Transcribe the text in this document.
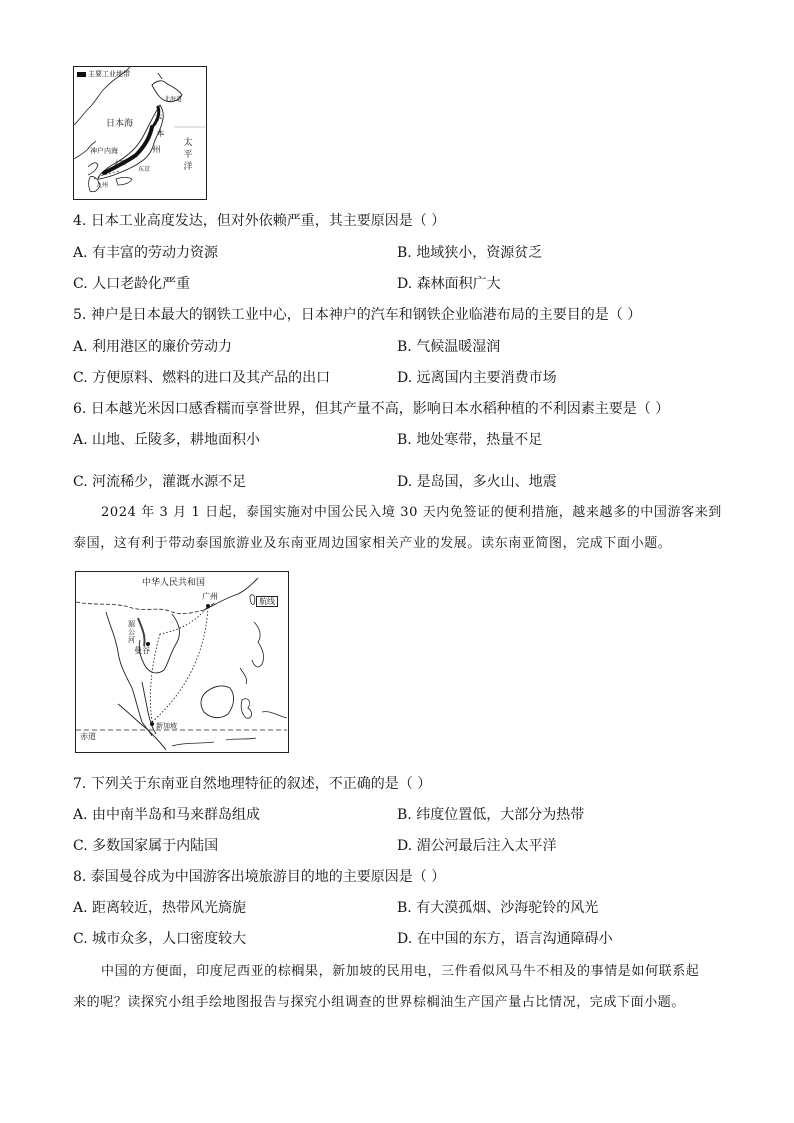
主要工业地带
北海道
日本海
神户内海
大阪
九州
本
州
本
东京
太平洋
4. 日本工业高度发达，但对外依赖严重，其主要原因是（ ）
A. 有丰富的劳动力资源	B. 地域狭小，资源贫乏
C. 人口老龄化严重	D. 森林面积广大
5. 神户是日本最大的钢铁工业中心，日本神户的汽车和钢铁企业临港布局的主要目的是（ ）
A. 利用港区的廉价劳动力	B. 气候温暖湿润
C. 方便原料、燃料的进口及其产品的出口	D. 远离国内主要消费市场
6. 日本越光米因口感香糯而享誉世界，但其产量不高，影响日本水稻种植的不利因素主要是（ ）
A. 山地、丘陵多，耕地面积小	B. 地处寒带，热量不足
C. 河流稀少，灌溉水源不足	D. 是岛国，多火山、地震
2024 年 3 月 1 日起，泰国实施对中国公民入境 30 天内免签证的便利措施，越来越多的中国游客来到
泰国，这有利于带动泰国旅游业及东南亚周边国家相关产业的发展。读东南亚简图，完成下面小题。
中华人民共和国
广州
航线
湄公河
曼谷
新加坡
赤道
7. 下列关于东南亚自然地理特征的叙述，不正确的是（ ）
A. 由中南半岛和马来群岛组成	B. 纬度位置低，大部分为热带
C. 多数国家属于内陆国	D. 湄公河最后注入太平洋
8. 泰国曼谷成为中国游客出境旅游目的地的主要原因是（ ）
A. 距离较近，热带风光旖旎	B. 有大漠孤烟、沙海驼铃的风光
C. 城市众多，人口密度较大	D. 在中国的东方，语言沟通障碍小
中国的方便面，印度尼西亚的棕榈果，新加坡的民用电，三件看似风马牛不相及的事情是如何联系起
来的呢？读探究小组手绘地图报告与探究小组调查的世界棕榈油生产国产量占比情况，完成下面小题。
